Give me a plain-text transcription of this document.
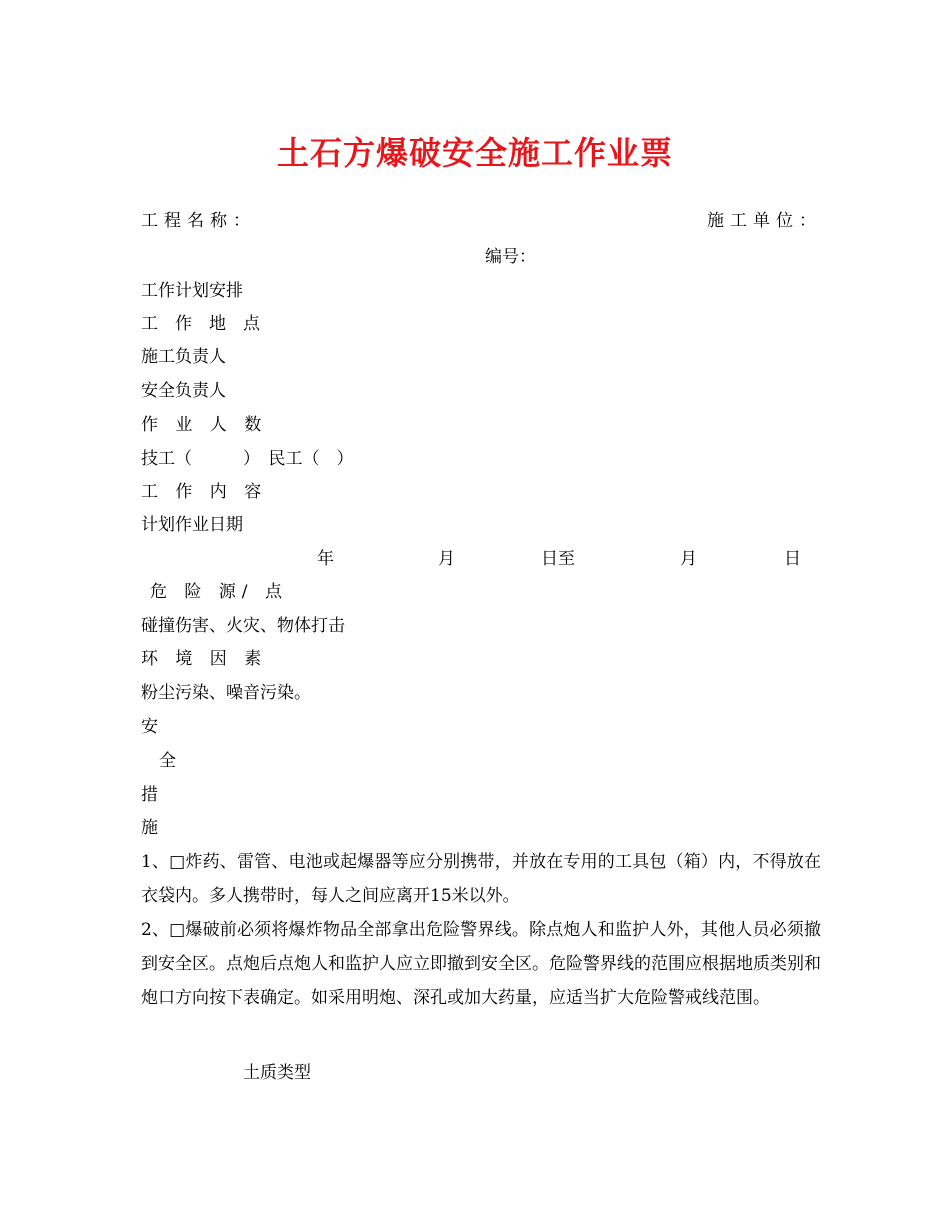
土石方爆破安全施工作业票
工程名称：	施工单位：
编号：
工作计划安排
工　作　地　点
施工负责人
安全负责人
作 业 人 数
技工（　　　）　民工（　）
工 作 内 容
计划作业日期
年	月	日至	月	日
危 险 源/ 点
碰撞伤害、火灾、物体打击
环 境 因 素
粉尘污染、噪音污染。
安
全
措
施
1、□炸药、雷管、电池或起爆器等应分别携带，并放在专用的工具包（箱）内，不得放在衣袋内。多人携带时，每人之间应离开15米以外。
2、□爆破前必须将爆炸物品全部拿出危险警界线。除点炮人和监护人外，其他人员必须撤到安全区。点炮后点炮人和监护人应立即撤到安全区。危险警界线的范围应根据地质类别和炮口方向按下表确定。如采用明炮、深孔或加大药量，应适当扩大危险警戒线范围。
土质类型
